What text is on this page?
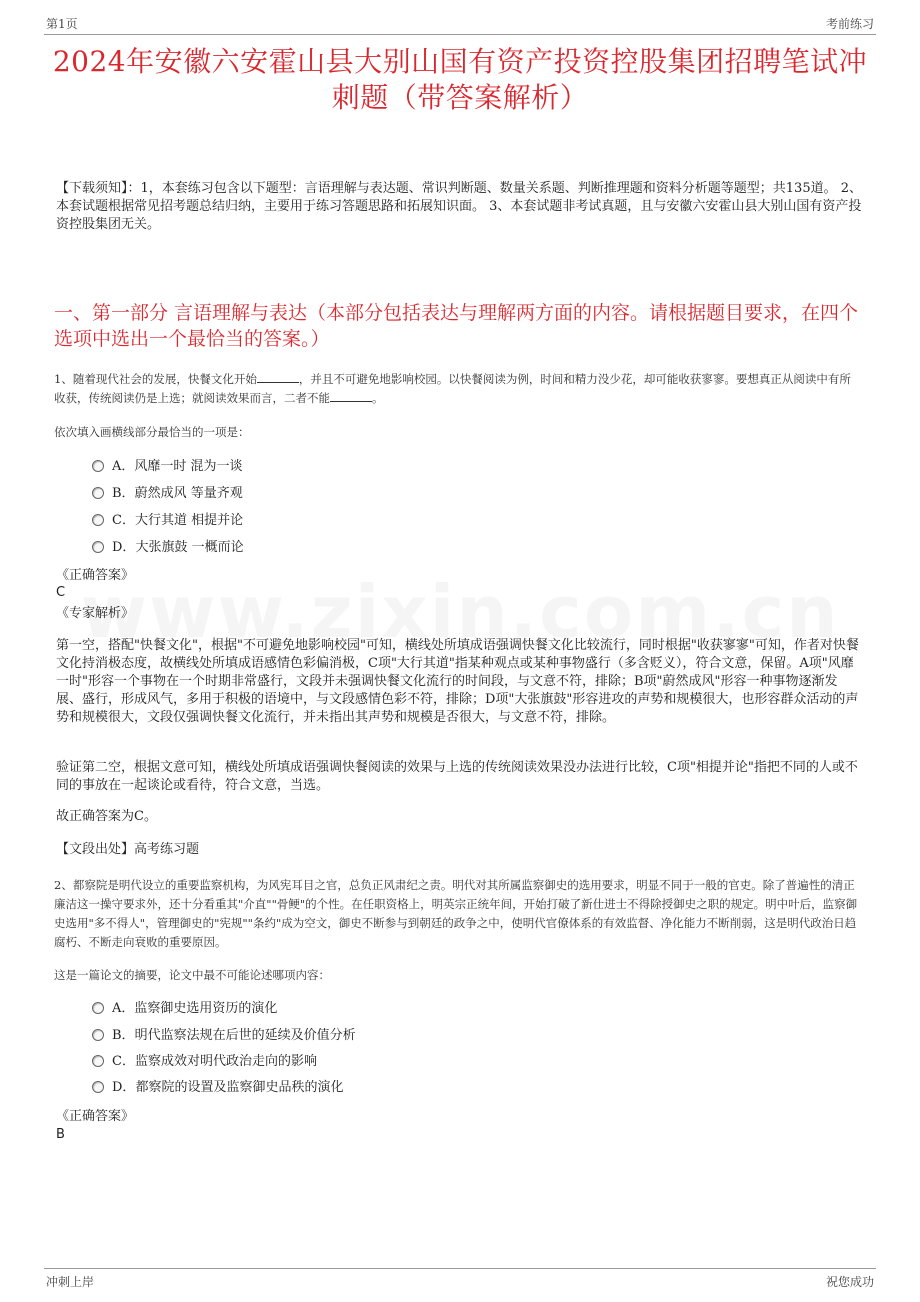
第1页	考前练习
2024年安徽六安霍山县大别山国有资产投资控股集团招聘笔试冲刺题（带答案解析）
【下载须知】：1，本套练习包含以下题型：言语理解与表达题、常识判断题、数量关系题、判断推理题和资料分析题等题型；共135道。 2、本套试题根据常见招考题总结归纳，主要用于练习答题思路和拓展知识面。 3、本套试题非考试真题，且与安徽六安霍山县大别山国有资产投资控股集团无关。
一、第一部分 言语理解与表达（本部分包括表达与理解两方面的内容。请根据题目要求，在四个选项中选出一个最恰当的答案。）
1、随着现代社会的发展，快餐文化开始	，并且不可避免地影响校园。以快餐阅读为例，时间和精力没少花，却可能收获寥寥。要想真正从阅读中有所收获，传统阅读仍是上选；就阅读效果而言，二者不能	。
依次填入画横线部分最恰当的一项是：
A．风靡一时 混为一谈
B．蔚然成风 等量齐观
C．大行其道 相提并论
D．大张旗鼓 一概而论
《正确答案》
C
《专家解析》
第一空，搭配"快餐文化"，根据"不可避免地影响校园"可知，横线处所填成语强调快餐文化比较流行，同时根据"收获寥寥"可知，作者对快餐文化持消极态度，故横线处所填成语感情色彩偏消极，C项"大行其道"指某种观点或某种事物盛行（多含贬义），符合文意，保留。A项"风靡一时"形容一个事物在一个时期非常盛行，文段并未强调快餐文化流行的时间段，与文意不符，排除；B项"蔚然成风"形容一种事物逐渐发展、盛行，形成风气，多用于积极的语境中，与文段感情色彩不符，排除；D项"大张旗鼓"形容进攻的声势和规模很大，也形容群众活动的声势和规模很大，文段仅强调快餐文化流行，并未指出其声势和规模是否很大，与文意不符，排除。
验证第二空，根据文意可知，横线处所填成语强调快餐阅读的效果与上选的传统阅读效果没办法进行比较，C项"相提并论"指把不同的人或不同的事放在一起谈论或看待，符合文意，当选。
故正确答案为C。
【文段出处】高考练习题
2、都察院是明代设立的重要监察机构，为风宪耳目之官，总负正风肃纪之责。明代对其所属监察御史的选用要求，明显不同于一般的官吏。除了普遍性的清正廉洁这一操守要求外，还十分看重其"介直""骨鲠"的个性。在任职资格上，明英宗正统年间，开始打破了新仕进士不得除授御史之职的规定。明中叶后，监察御史选用"多不得人"，管理御史的"宪规""条约"成为空文，御史不断参与到朝廷的政争之中，使明代官僚体系的有效监督、净化能力不断削弱，这是明代政治日趋腐朽、不断走向衰败的重要原因。
这是一篇论文的摘要，论文中最不可能论述哪项内容：
A．监察御史选用资历的演化
B．明代监察法规在后世的延续及价值分析
C．监察成效对明代政治走向的影响
D．都察院的设置及监察御史品秩的演化
《正确答案》
B
冲刺上岸	祝您成功
